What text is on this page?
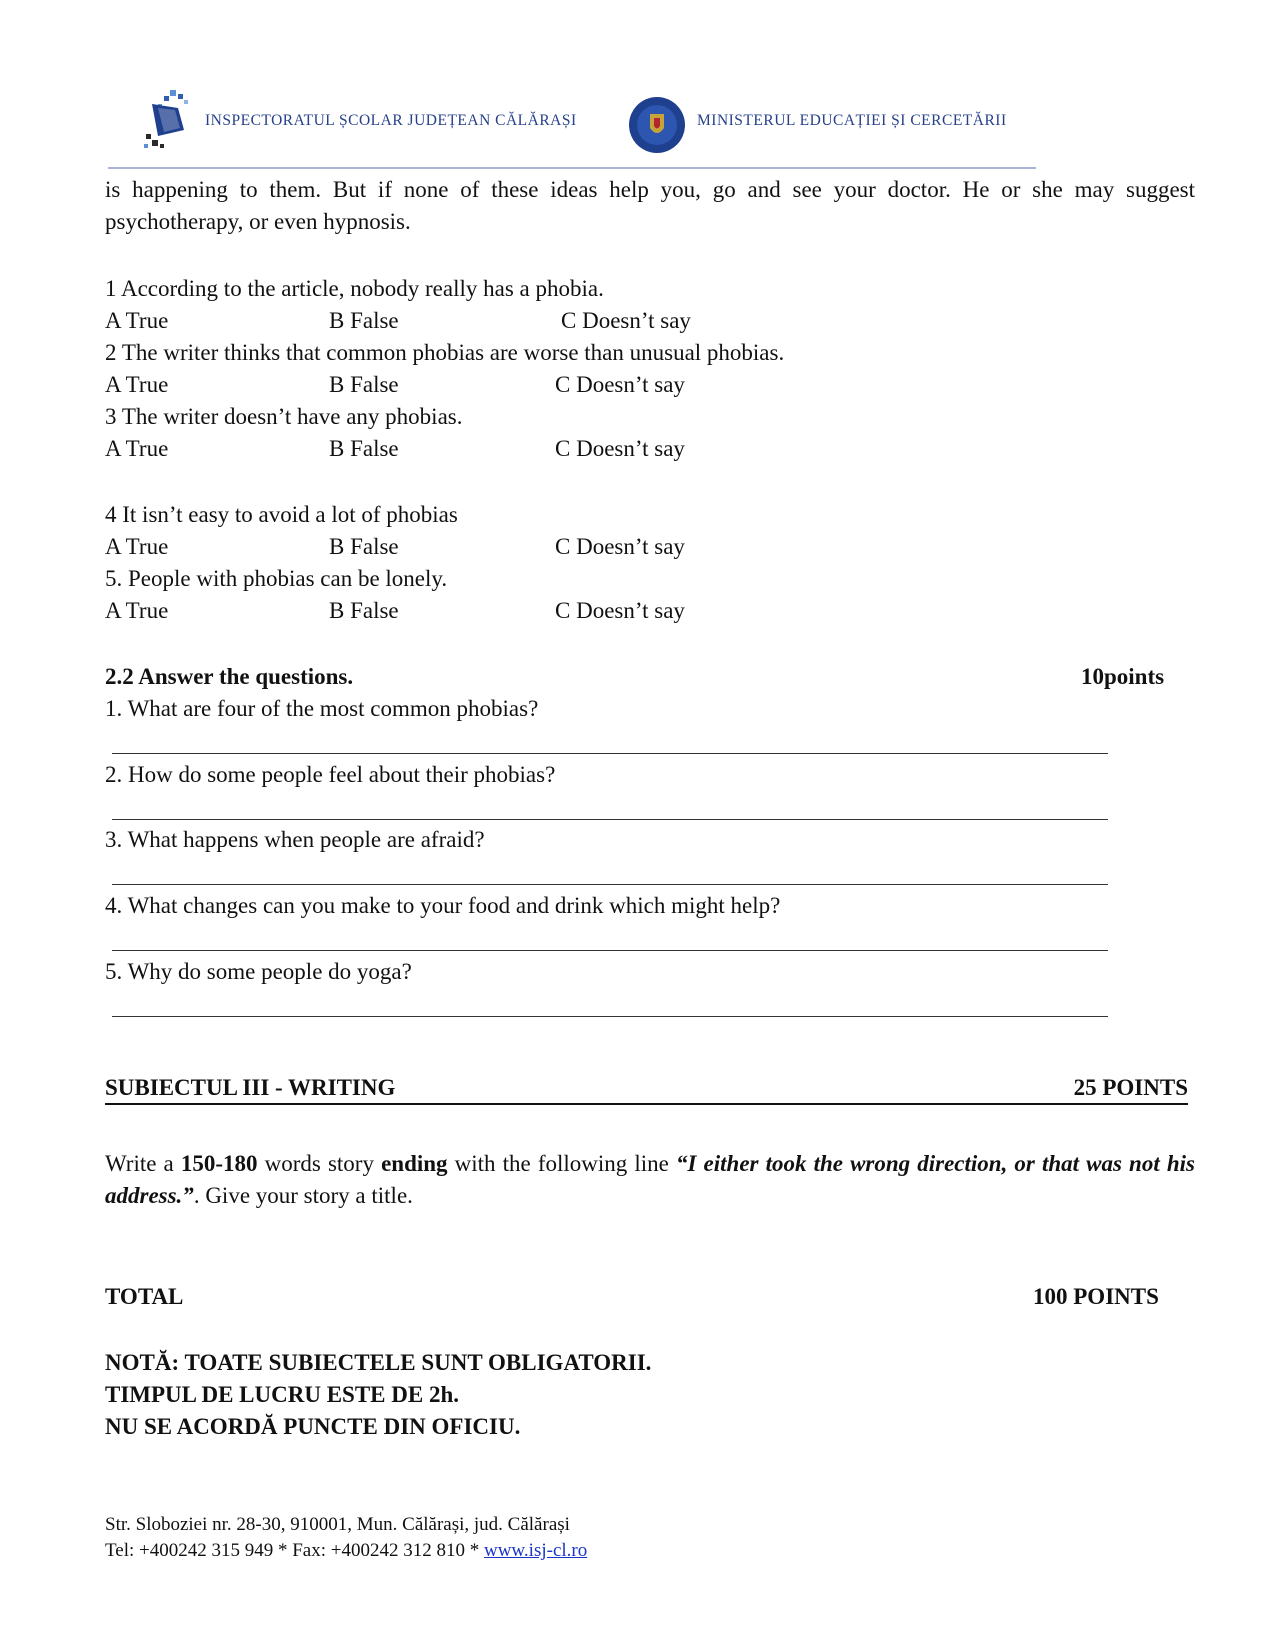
INSPECTORATUL ȘCOLAR JUDEȚEAN CĂLĂRAȘI	MINISTERUL EDUCAȚIEI ȘI CERCETĂRII
is happening to them. But if none of these ideas help you, go and see your doctor. He or she may suggest psychotherapy, or even hypnosis.
1 According to the article, nobody really has a phobia.
A True	B False	C Doesn’t say
2 The writer thinks that common phobias are worse than unusual phobias.
A True	B False	C Doesn’t say
3 The writer doesn’t have any phobias.
A True	B False	C Doesn’t say
4 It isn’t easy to avoid a lot of phobias
A True	B False	C Doesn’t say
5. People with phobias can be lonely.
A True	B False	C Doesn’t say
2.2 Answer the questions.	10points
1. What are four of the most common phobias?
2. How do some people feel about their phobias?
3. What happens when people are afraid?
4. What changes can you make to your food and drink which might help?
5. Why do some people do yoga?
SUBIECTUL III - WRITING	25 POINTS
Write a 150-180 words story ending with the following line “I either took the wrong direction, or that was not his address.”. Give your story a title.
TOTAL	100 POINTS
NOTĂ: TOATE SUBIECTELE SUNT OBLIGATORII.
TIMPUL DE LUCRU ESTE DE 2h.
NU SE ACORDĂ PUNCTE DIN OFICIU.
Str. Sloboziei nr. 28-30, 910001, Mun. Călărași, jud. Călărași
Tel: +400242 315 949 * Fax: +400242 312 810 * www.isj-cl.ro
